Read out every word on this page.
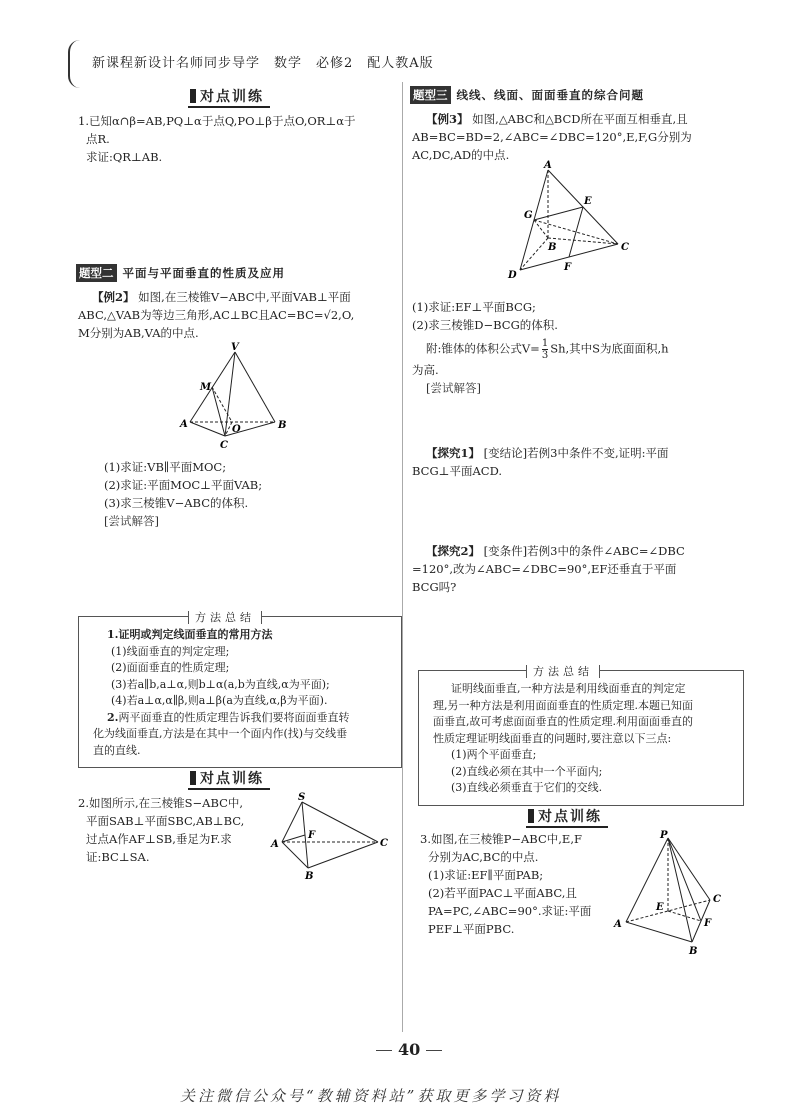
新课程新设计名师同步导学　数学　必修2　配人教A版
对点训练
1.已知α∩β=AB,PQ⊥α于点Q,PO⊥β于点O,OR⊥α于
点R.
求证:QR⊥AB.
题型二 平面与平面垂直的性质及应用
【例2】 如图,在三棱锥V−ABC中,平面VAB⊥平面
ABC,△VAB为等边三角形,AC⊥BC且AC=BC=√2,O,
M分别为AB,VA的中点.
V
M
A	O
C
B
(1)求证:VB∥平面MOC;
(2)求证:平面MOC⊥平面VAB;
(3)求三棱锥V−ABC的体积.
[尝试解答]
1.证明或判定线面垂直的常用方法
(1)线面垂直的判定定理;
(2)面面垂直的性质定理;
(3)若a∥b,a⊥α,则b⊥α(a,b为直线,α为平面);
(4)若a⊥α,α∥β,则a⊥β(a为直线,α,β为平面).
2.两平面垂直的性质定理告诉我们要将面面垂直转
化为线面垂直,方法是在其中一个面内作(找)与交线垂
直的直线.
方法总结
对点训练
2.如图所示,在三棱锥S−ABC中,
平面SAB⊥平面SBC,AB⊥BC,
过点A作AF⊥SB,垂足为F.求
证:BC⊥SA.
S
F
A	C
B
题型三 线线、线面、面面垂直的综合问题
【例3】 如图,△ABC和△BCD所在平面互相垂直,且
AB=BC=BD=2,∠ABC=∠DBC=120°,E,F,G分别为
AC,DC,AD的中点.
A
E
G
B	C
F
D
(1)求证:EF⊥平面BCG;
(2)求三棱锥D−BCG的体积.
附:锥体的体积公式$V= \frac{1}{3} Sh$,其中S为底面面积,h
为高.
[尝试解答]
【探究1】 [变结论]若例3中条件不变,证明:平面
BCG⊥平面ACD.
【探究2】 [变条件]若例3中的条件∠ABC=∠DBC
=120°,改为∠ABC=∠DBC=90°,EF还垂直于平面
BCG吗?
证明线面垂直,一种方法是利用线面垂直的判定定
理,另一种方法是利用面面垂直的性质定理.本题已知面
面垂直,故可考虑面面垂直的性质定理.利用面面垂直的
性质定理证明线面垂直的问题时,要注意以下三点:
(1)两个平面垂直;
(2)直线必须在其中一个平面内;
(3)直线必须垂直于它们的交线.
方法总结
对点训练
3.如图,在三棱锥P−ABC中,E,F
分别为AC,BC的中点.
(1)求证:EF∥平面PAB;
(2)若平面PAC⊥平面ABC,且
PA=PC,∠ABC=90°.求证:平面
PEF⊥平面PBC.
P
C
E
F
A
B
40
关注微信公众号“教辅资料站”获取更多学习资料
